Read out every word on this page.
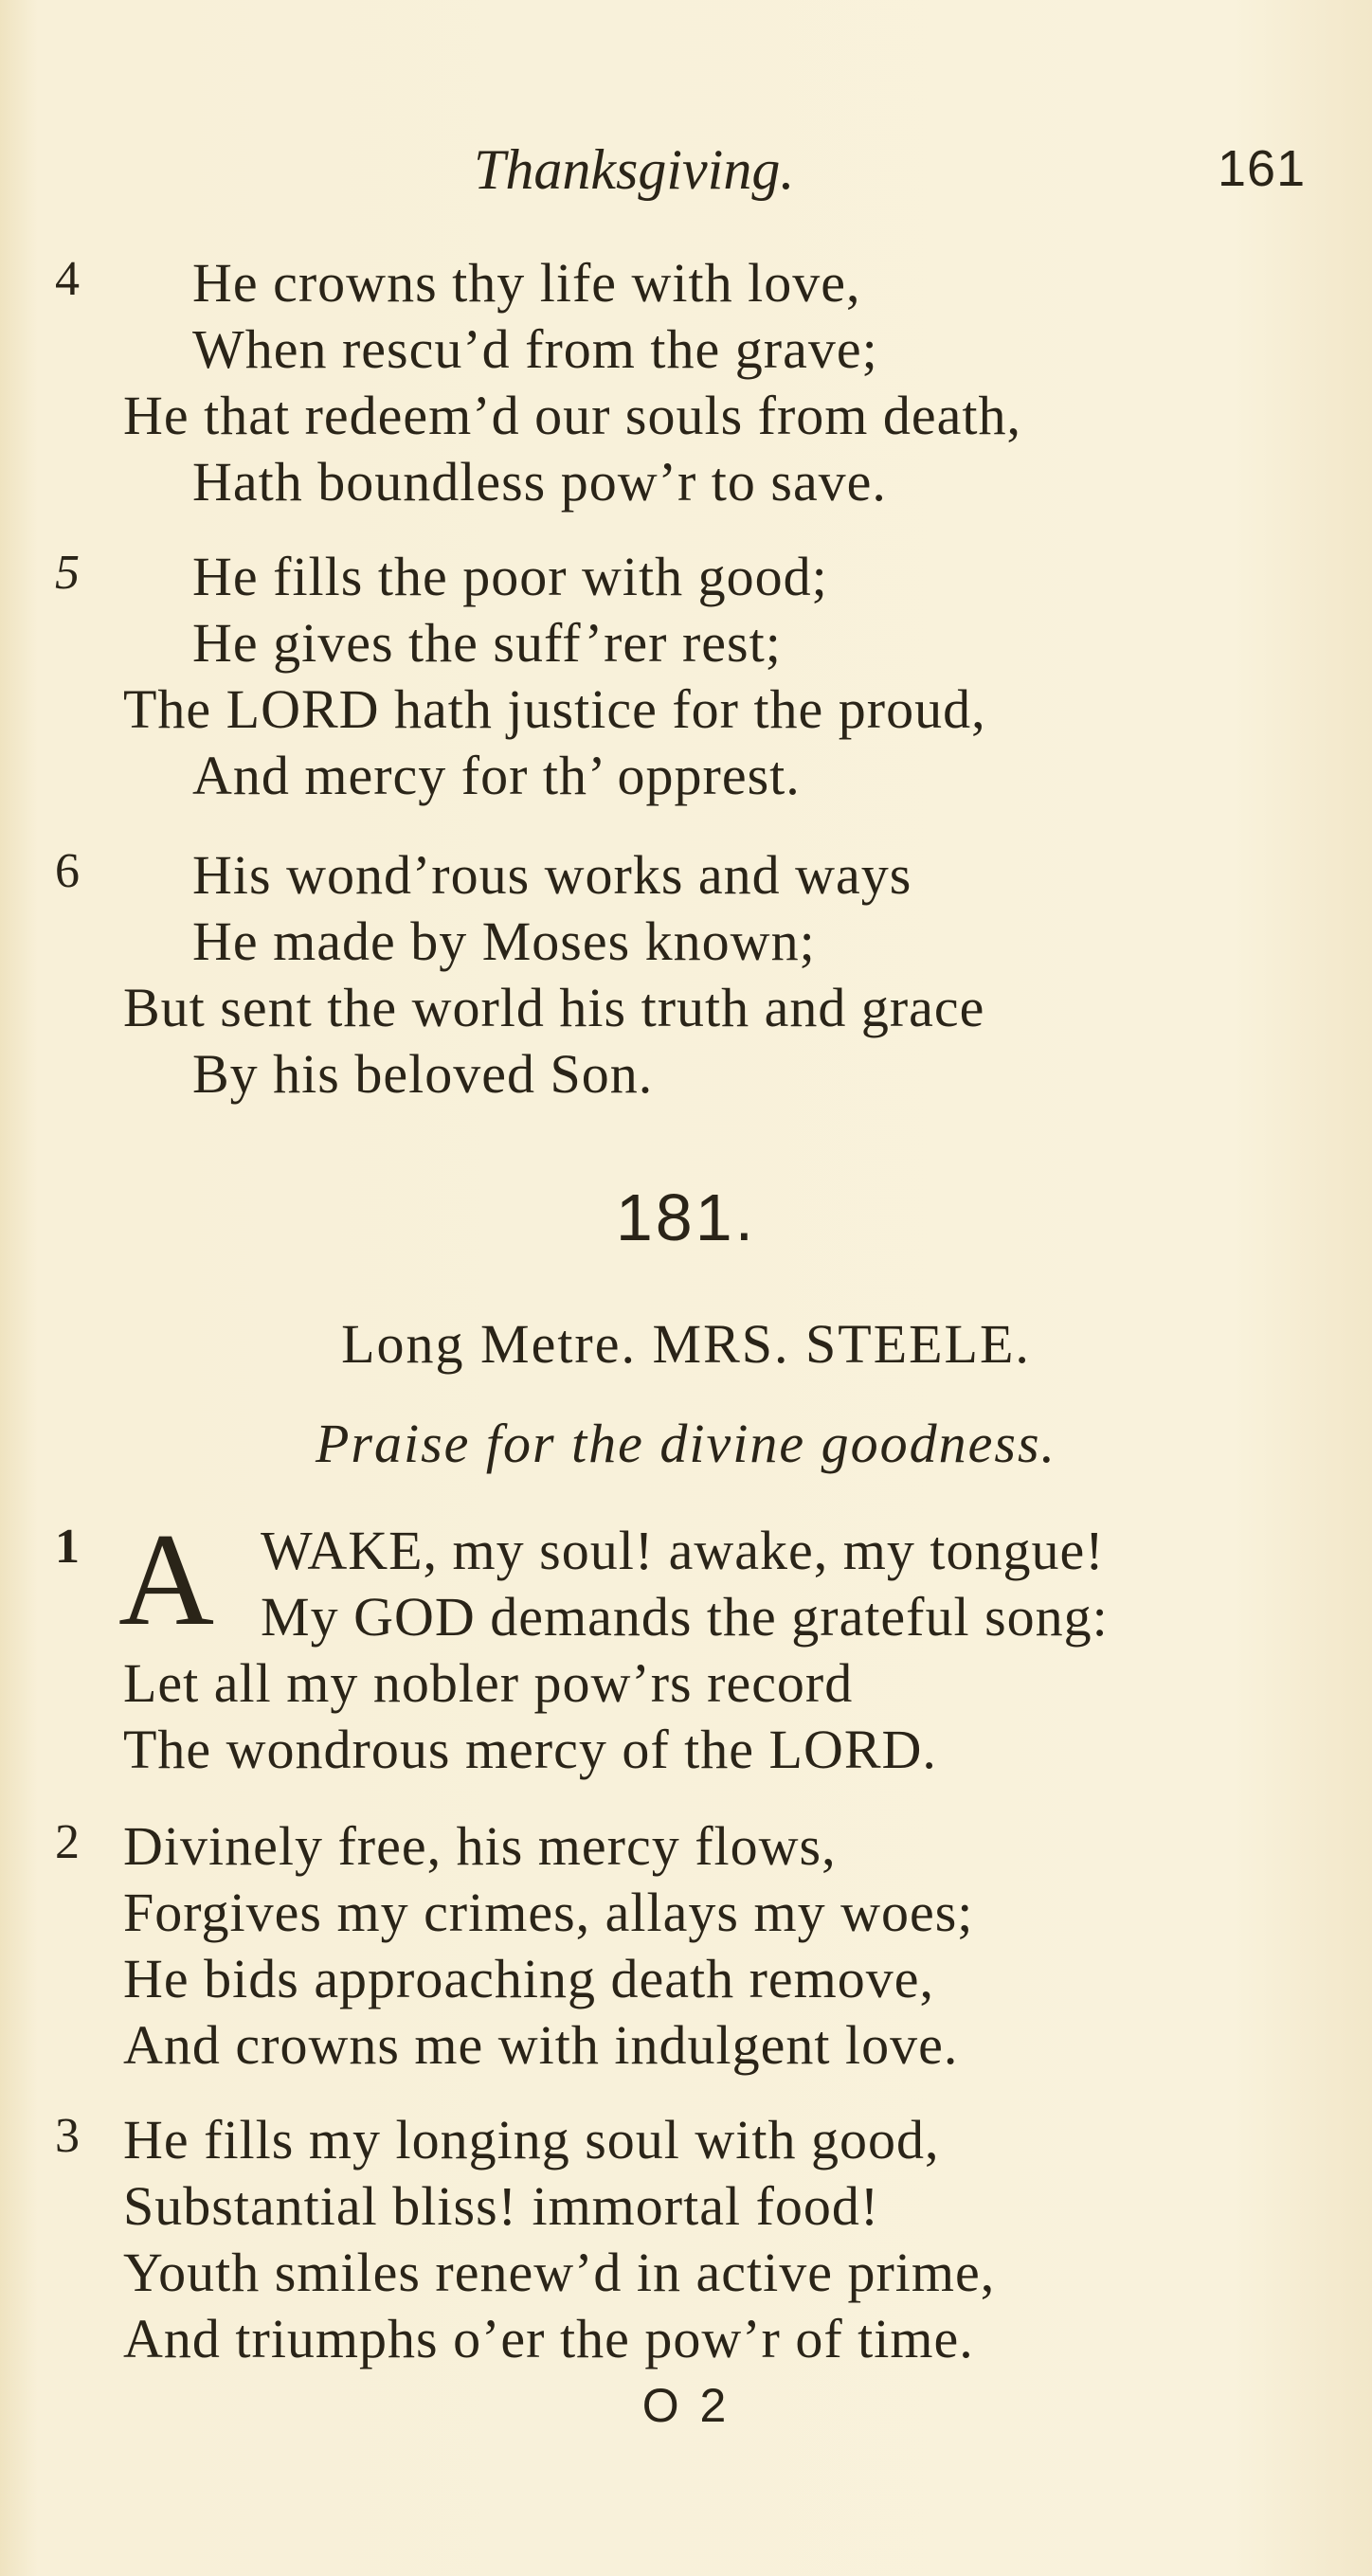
Thanksgiving.	161
4 He crowns thy life with love,
When rescu’d from the grave;
He that redeem’d our souls from death,
Hath boundless pow’r to save.
5 He fills the poor with good;
He gives the suff’rer rest;
The LORD hath justice for the proud,
And mercy for th’ opprest.
6 His wond’rous works and ways
He made by Moses known;
But sent the world his truth and grace
By his beloved Son.
181.
Long Metre. MRS. STEELE.
Praise for the divine goodness.
1	WAKE, my soul! awake, my tongue!
My GOD demands the grateful song:
Let all my nobler pow’rs record
The wondrous mercy of the LORD.
A
2 Divinely free, his mercy flows,
Forgives my crimes, allays my woes;
He bids approaching death remove,
And crowns me with indulgent love.
3 He fills my longing soul with good,
Substantial bliss! immortal food!
Youth smiles renew’d in active prime,
And triumphs o’er the pow’r of time.
O 2
